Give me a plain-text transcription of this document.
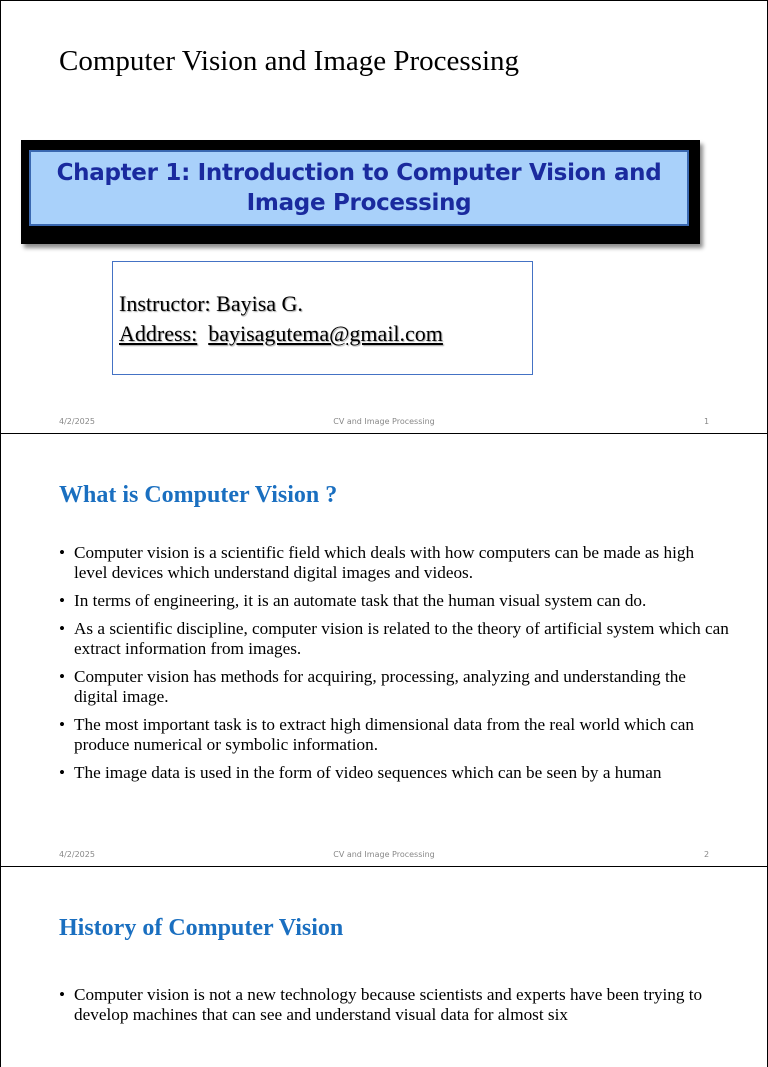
Computer Vision and Image Processing
Chapter 1: Introduction to Computer Vision and
Image Processing
Instructor: Bayisa G.
Address: bayisagutema@gmail.com
4/2/2025	CV and Image Processing	1
What is Computer Vision ?
• Computer vision is a scientific field which deals with how computers can be made as high level devices which understand digital images and videos.
• In terms of engineering, it is an automate task that the human visual system can do.
• As a scientific discipline, computer vision is related to the theory of artificial system which can extract information from images.
• Computer vision has methods for acquiring, processing, analyzing and understanding the digital image.
• The most important task is to extract high dimensional data from the real world which can produce numerical or symbolic information.
• The image data is used in the form of video sequences which can be seen by a human
4/2/2025	CV and Image Processing	2
History of Computer Vision
• Computer vision is not a new technology because scientists and experts have been trying to develop machines that can see and understand visual data for almost six
